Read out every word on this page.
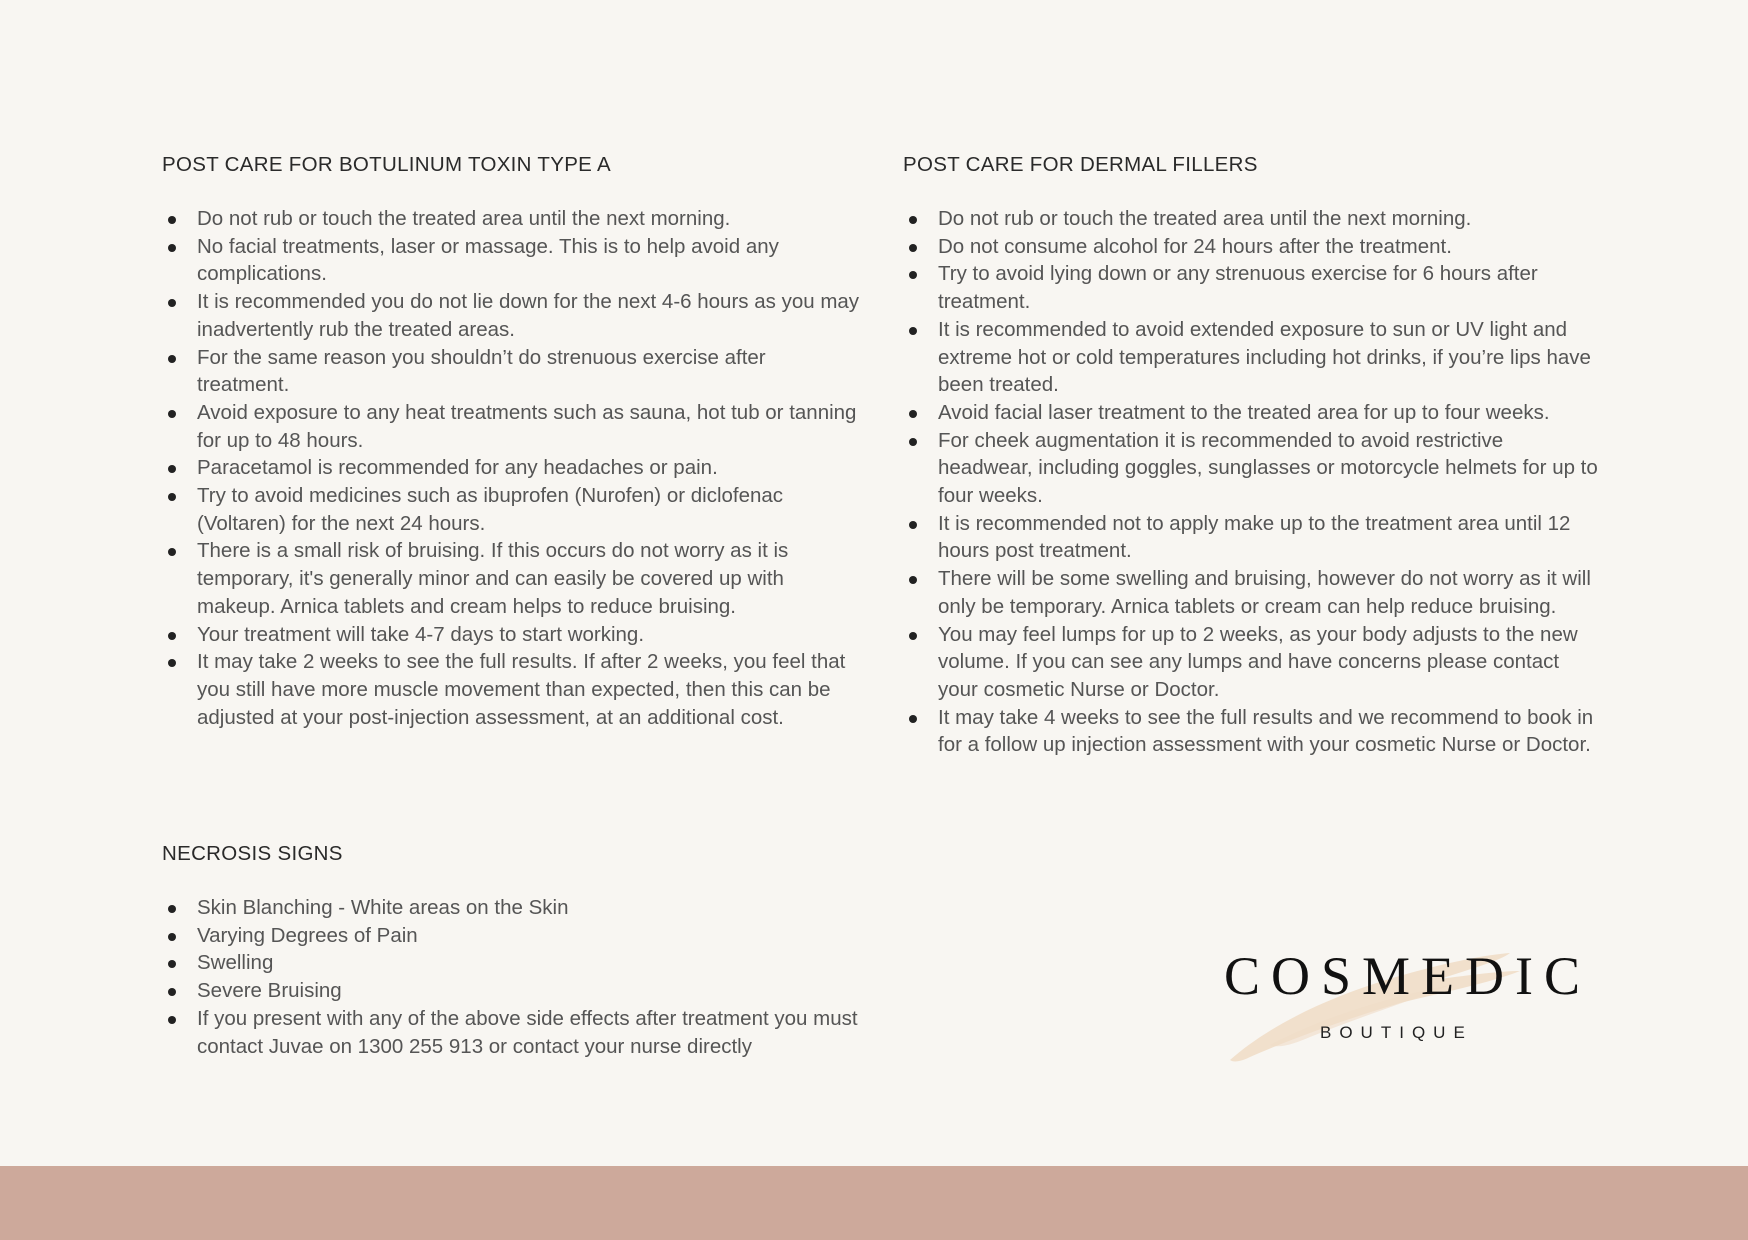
POST CARE FOR BOTULINUM TOXIN TYPE A
Do not rub or touch the treated area until the next morning.
No facial treatments, laser or massage. This is to help avoid any complications.
It is recommended you do not lie down for the next 4-6 hours as you may inadvertently rub the treated areas.
For the same reason you shouldn’t do strenuous exercise after treatment.
Avoid exposure to any heat treatments such as sauna, hot tub or tanning for up to 48 hours.
Paracetamol is recommended for any headaches or pain.
Try to avoid medicines such as ibuprofen (Nurofen) or diclofenac (Voltaren) for the next 24 hours.
There is a small risk of bruising. If this occurs do not worry as it is temporary, it's generally minor and can easily be covered up with makeup. Arnica tablets and cream helps to reduce bruising.
Your treatment will take 4-7 days to start working.
It may take 2 weeks to see the full results. If after 2 weeks, you feel that you still have more muscle movement than expected, then this can be adjusted at your post-injection assessment, at an additional cost.
NECROSIS SIGNS
Skin Blanching - White areas on the Skin
Varying Degrees of Pain
Swelling
Severe Bruising
If you present with any of the above side effects after treatment you must contact Juvae on 1300 255 913 or contact your nurse directly
POST CARE FOR DERMAL FILLERS
Do not rub or touch the treated area until the next morning.
Do not consume alcohol for 24 hours after the treatment.
Try to avoid lying down or any strenuous exercise for 6 hours after treatment.
It is recommended to avoid extended exposure to sun or UV light and extreme hot or cold temperatures including hot drinks, if you’re lips have been treated.
Avoid facial laser treatment to the treated area for up to four weeks.
For cheek augmentation it is recommended to avoid restrictive headwear, including goggles, sunglasses or motorcycle helmets for up to four weeks.
It is recommended not to apply make up to the treatment area until 12 hours post treatment.
There will be some swelling and bruising, however do not worry as it will only be temporary. Arnica tablets or cream can help reduce bruising.
You may feel lumps for up to 2 weeks, as your body adjusts to the new volume. If you can see any lumps and have concerns please contact your cosmetic Nurse or Doctor.
It may take 4 weeks to see the full results and we recommend to book in for a follow up injection assessment with your cosmetic Nurse or Doctor.
COSMEDIC
BOUTIQUE
